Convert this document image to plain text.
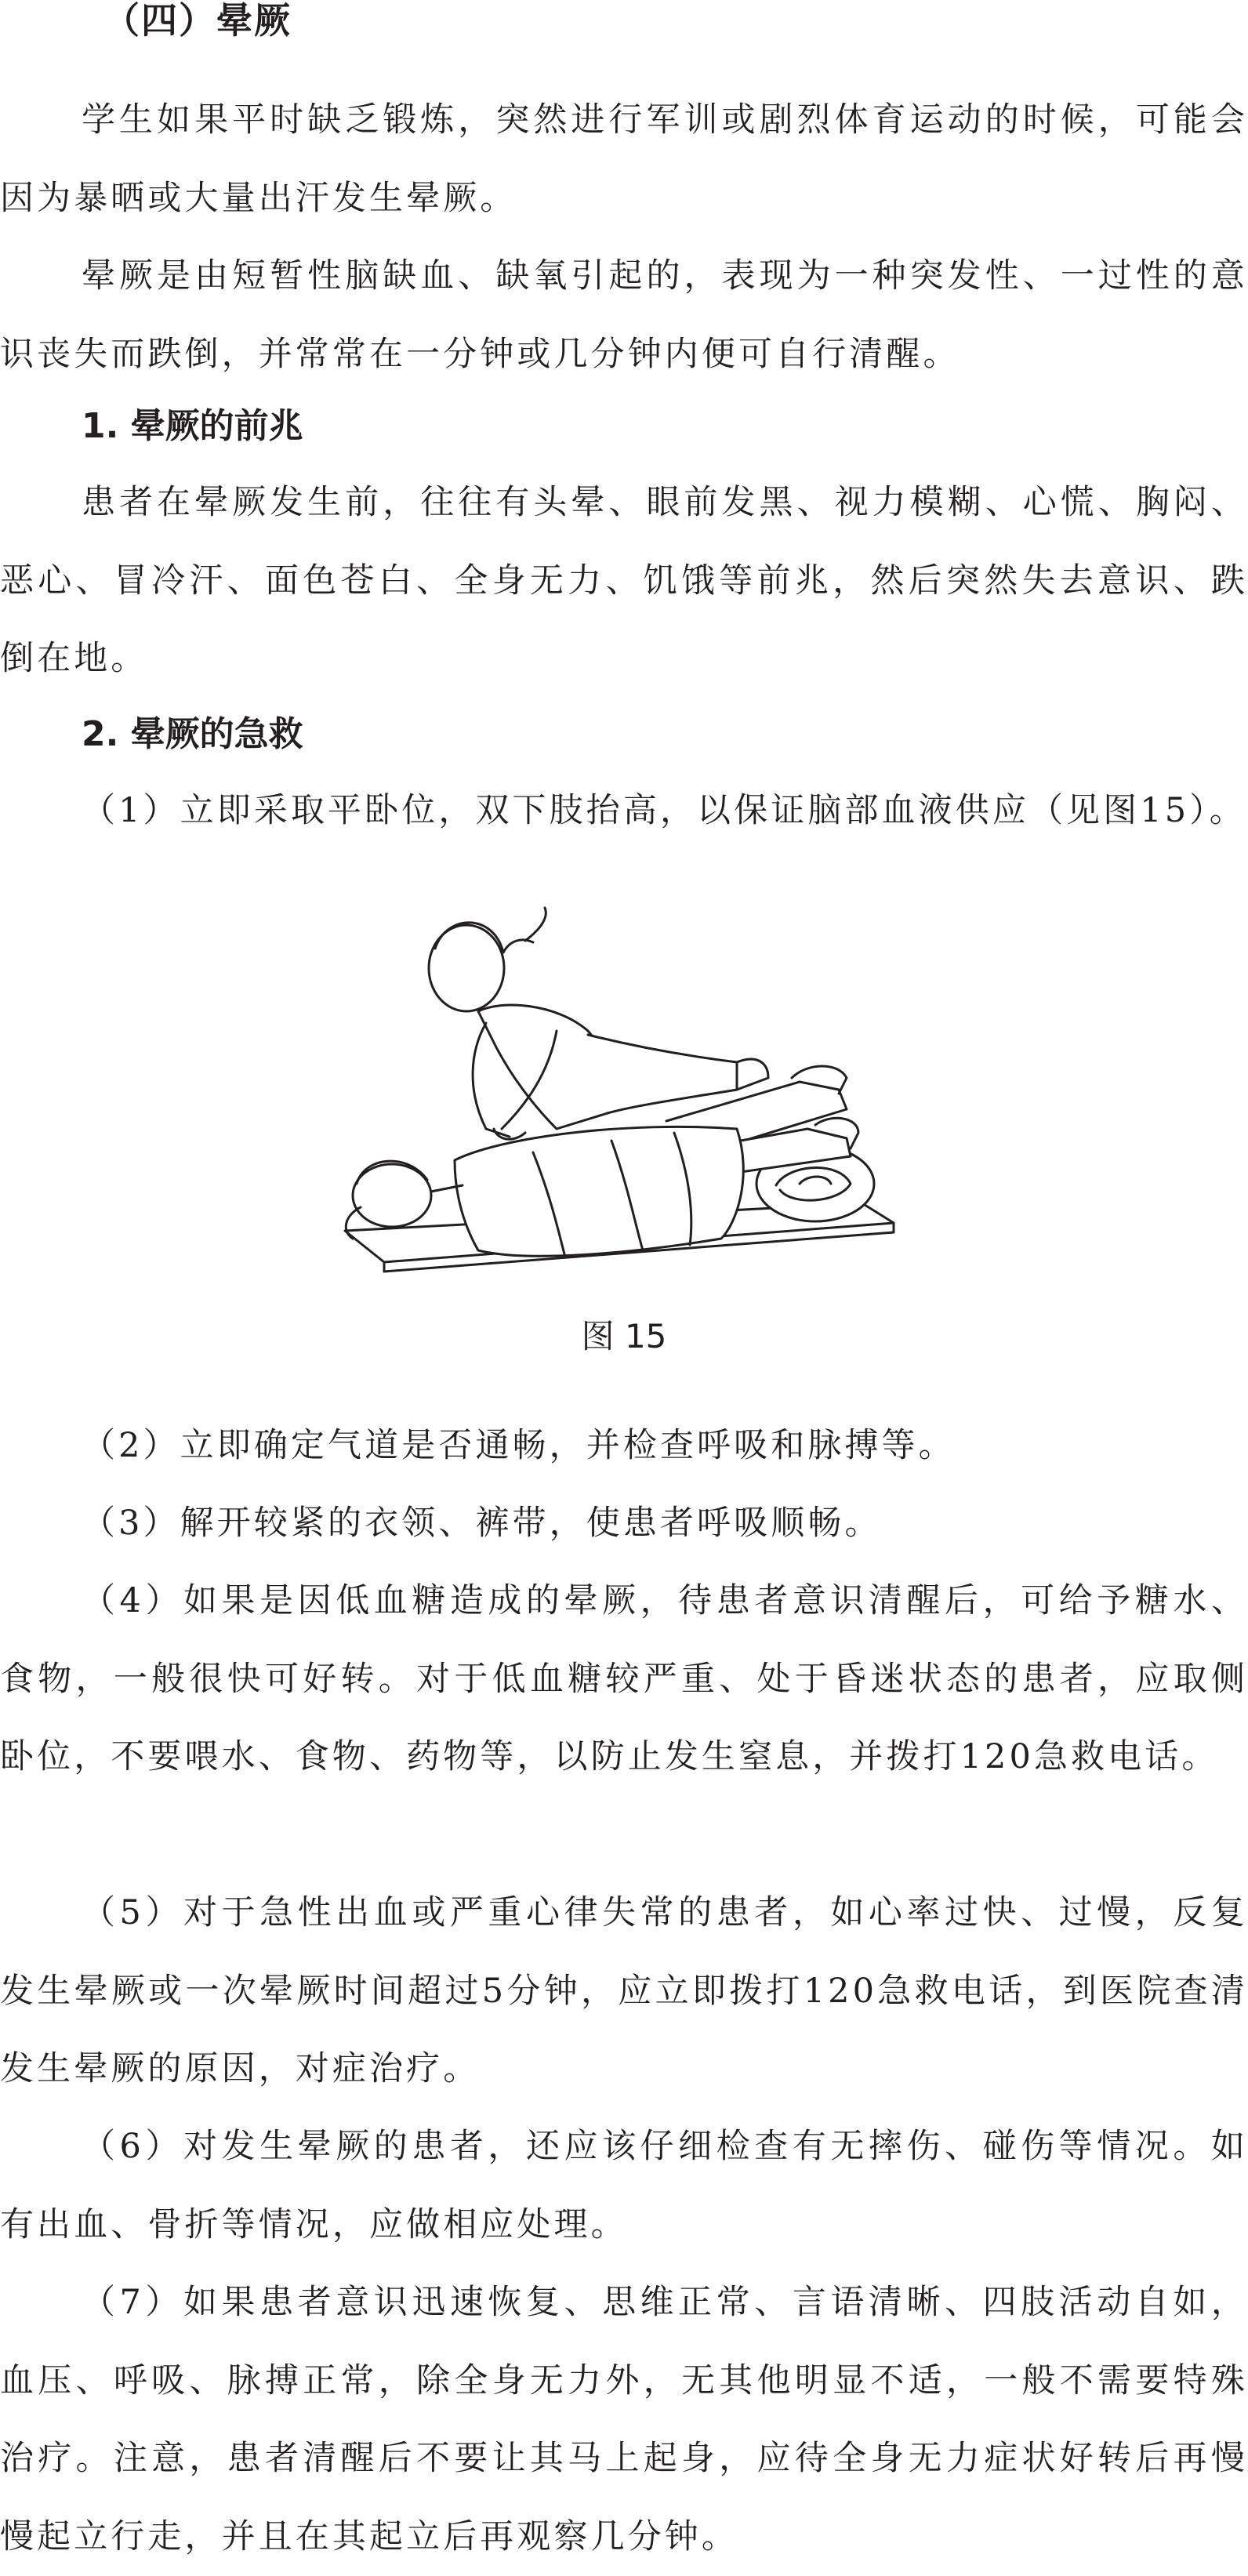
（四）晕厥

学生如果平时缺乏锻炼，突然进行军训或剧烈体育运动的时候，可能会因为暴晒或大量出汗发生晕厥。

晕厥是由短暂性脑缺血、缺氧引起的，表现为一种突发性、一过性的意识丧失而跌倒，并常常在一分钟或几分钟内便可自行清醒。

1. 晕厥的前兆

患者在晕厥发生前，往往有头晕、眼前发黑、视力模糊、心慌、胸闷、恶心、冒冷汗、面色苍白、全身无力、饥饿等前兆，然后突然失去意识、跌倒在地。

2. 晕厥的急救

（1）立即采取平卧位，双下肢抬高，以保证脑部血液供应（见图15）。

图 15

（2）立即确定气道是否通畅，并检查呼吸和脉搏等。

（3）解开较紧的衣领、裤带，使患者呼吸顺畅。

（4）如果是因低血糖造成的晕厥，待患者意识清醒后，可给予糖水、食物，一般很快可好转。对于低血糖较严重、处于昏迷状态的患者，应取侧卧位，不要喂水、食物、药物等，以防止发生窒息，并拨打120急救电话。

（5）对于急性出血或严重心律失常的患者，如心率过快、过慢，反复发生晕厥或一次晕厥时间超过5分钟，应立即拨打120急救电话，到医院查清发生晕厥的原因，对症治疗。

（6）对发生晕厥的患者，还应该仔细检查有无摔伤、碰伤等情况。如有出血、骨折等情况，应做相应处理。

（7）如果患者意识迅速恢复、思维正常、言语清晰、四肢活动自如，血压、呼吸、脉搏正常，除全身无力外，无其他明显不适，一般不需要特殊治疗。注意，患者清醒后不要让其马上起身，应待全身无力症状好转后再慢慢起立行走，并且在其起立后再观察几分钟。
